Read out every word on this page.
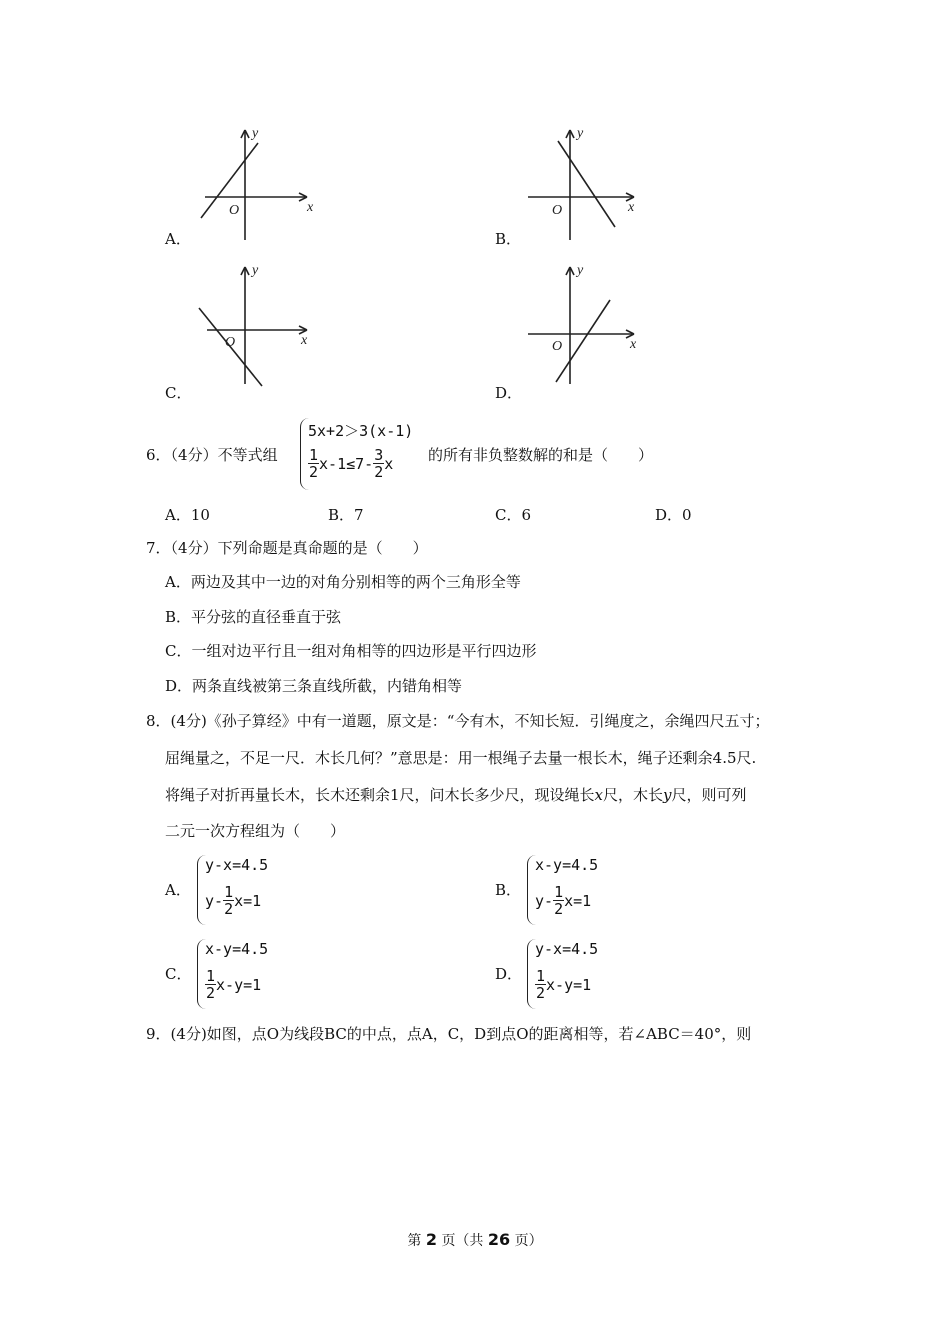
y
x
O
A．
y
x
O
B．
y
x
O
C．
y
x
O
D．
6．（4分）不等式组
5x+2＞3(x-1)
$\frac{1}{2} x-1\le 7- \frac{3}{2}$ x 的所有非负整数解的和是（　　）
A．10	B．7	C．6	D．0
7．（4分）下列命题是真命题的是（　　）
A．两边及其中一边的对角分别相等的两个三角形全等
B．平分弦的直径垂直于弦
C．一组对边平行且一组对角相等的四边形是平行四边形
D．两条直线被第三条直线所截，内错角相等
8．(4分)《孙子算经》中有一道题，原文是：“今有木，不知长短．引绳度之，余绳四尺五寸；
屈绳量之，不足一尺．木长几何？”意思是：用一根绳子去量一根长木，绳子还剩余4.5尺.
将绳子对折再量长木，长木还剩余1尺，问木长多少尺，现设绳长x尺，木长y尺，则可列
二元一次方程组为（　　）
A．
y-x=4.5
$y- \frac{1}{2} x=1$
B．
x-y=4.5
$y- \frac{1}{2} x=1$
C．
x-y=4.5
$\frac{1}{2} x-y=1$
D．
y-x=4.5
$\frac{1}{2} x-y=1$
9．(4分)如图，点O为线段BC的中点，点A，C，D到点O的距离相等，若∠ABC＝40°，则
第 2 页（共 26 页）
